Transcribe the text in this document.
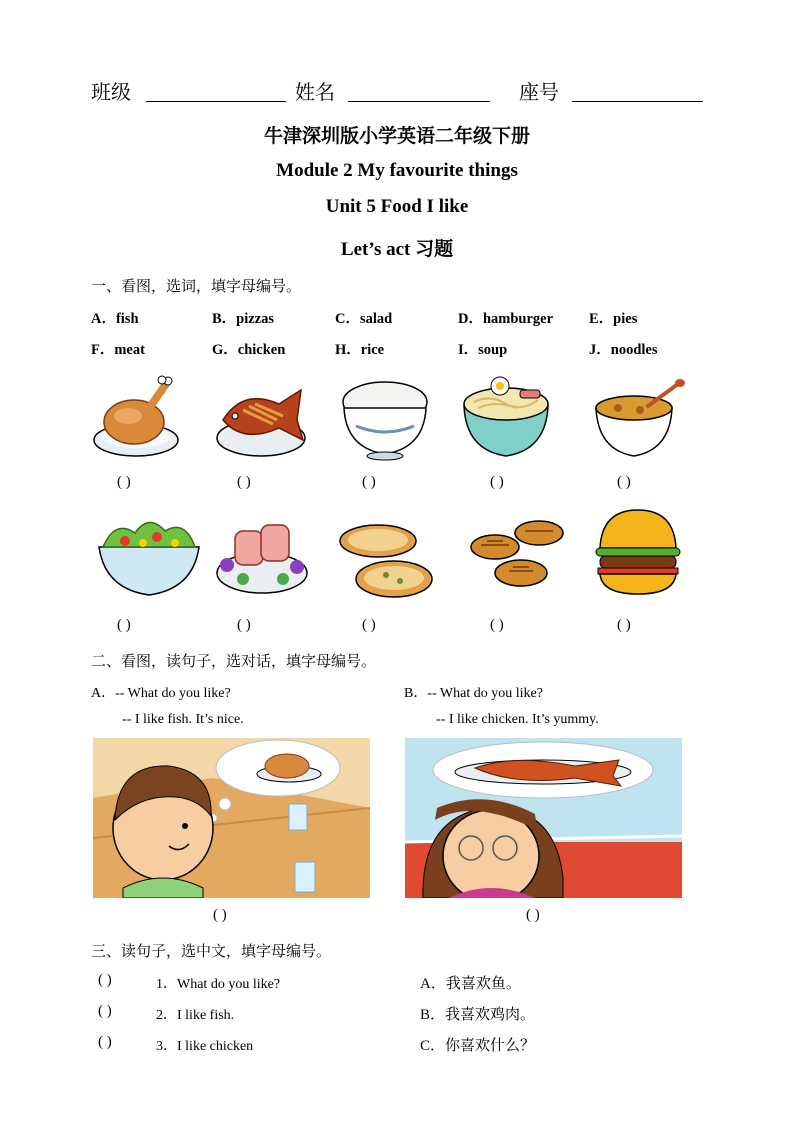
班级	姓名	座号
牛津深圳版小学英语二年级下册
Module 2 My favourite things
Unit 5 Food I like
Let’s act 习题
一、看图，选词，填字母编号。
A．fish	B．pizzas	C．salad	D．hamburger E．pies
F．meat	G．chicken	H．rice	I．soup	J．noodles
( )	( )	( )	( )	( )
( )	( )	( )	( )	( )
二、看图，读句子，选对话，填字母编号。
A．-- What do you like?
-- I like fish. It’s nice.
B．-- What do you like?
-- I like chicken. It’s yummy.
( )	( )
三、读句子，选中文，填字母编号。
( )	1．What do you like?	A．我喜欢鱼。
( )	2．I like fish.	B．我喜欢鸡肉。
( )	3．I like chicken	C．你喜欢什么？
